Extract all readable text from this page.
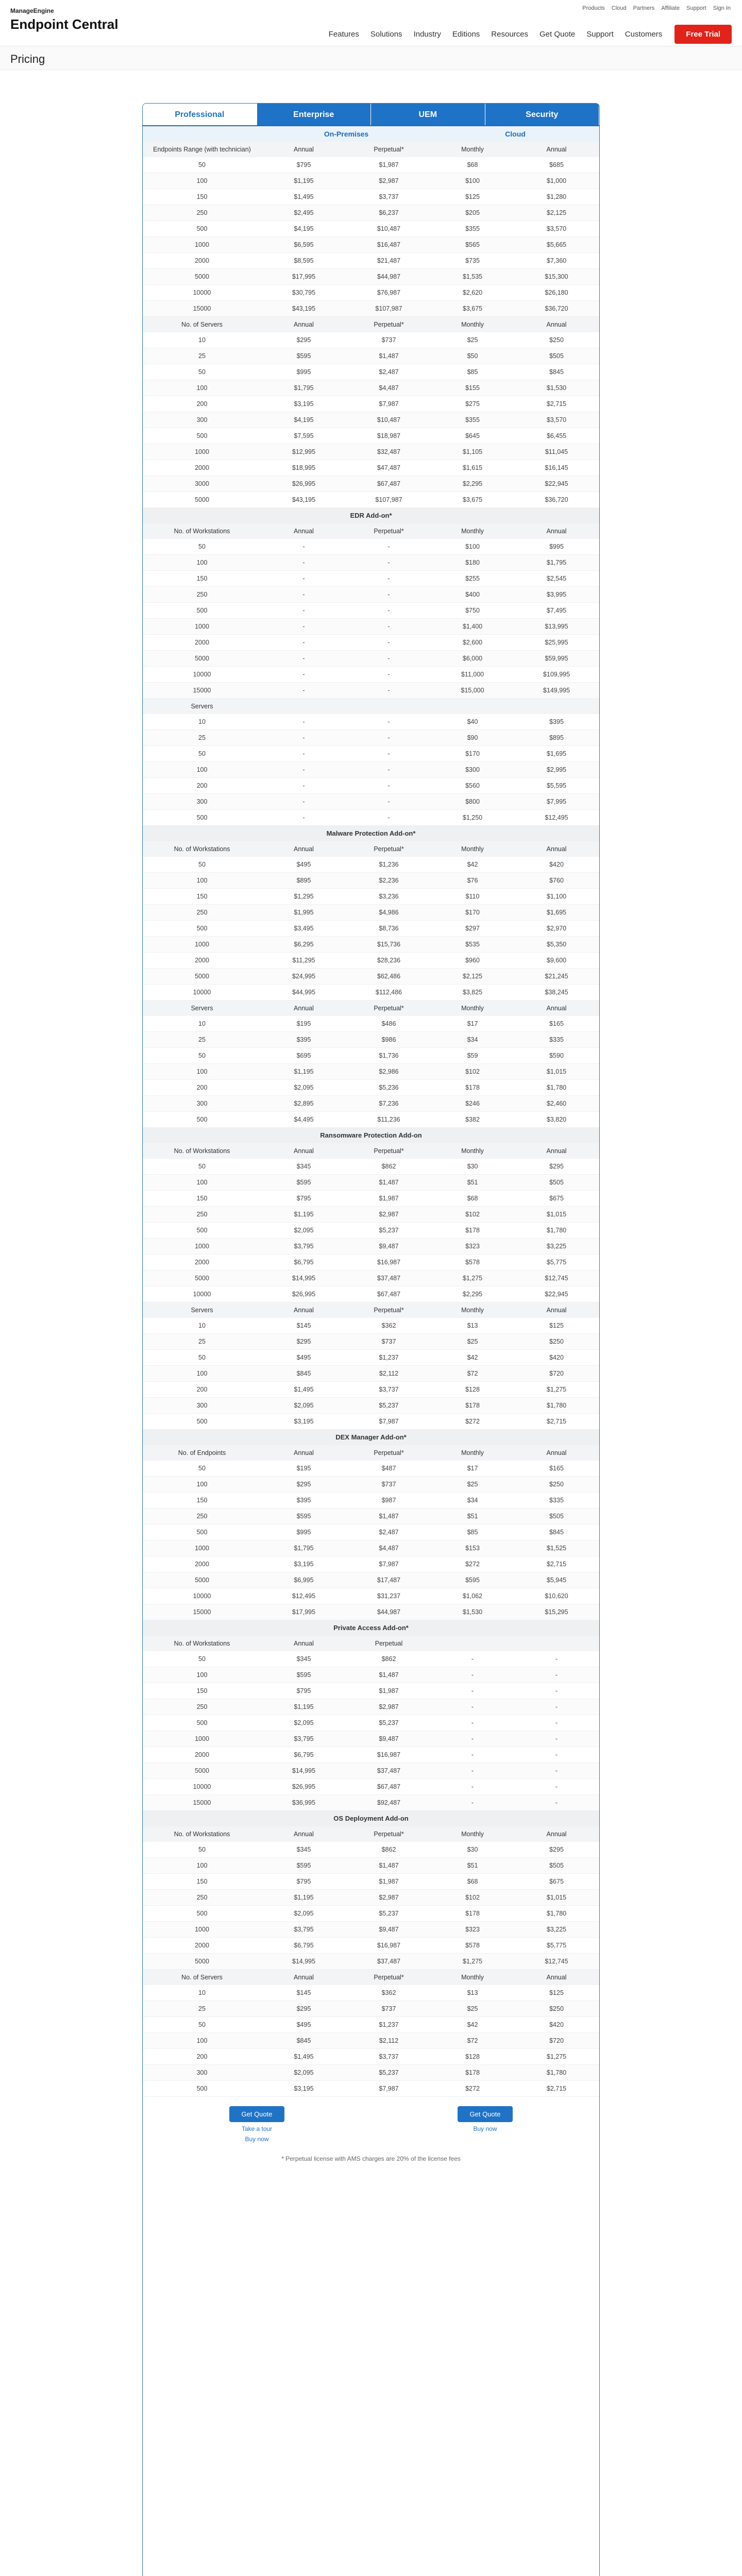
ManageEngine
Endpoint Central
Products Cloud Partners Affiliate Support Sign In
Features Solutions Industry Editions Resources Get Quote Support Customers	Free Trial
Pricing
Professional	Enterprise	UEM	Security
On-Premises	Cloud
Endpoints Range (with technician)	Annual	Perpetual*	Monthly	Annual
50	$795	$1,987	$68	$685
100	$1,195	$2,987	$100	$1,000
150	$1,495	$3,737	$125	$1,280
250	$2,495	$6,237	$205	$2,125
500	$4,195	$10,487	$355	$3,570
1000	$6,595	$16,487	$565	$5,665
2000	$8,595	$21,487	$735	$7,360
5000	$17,995	$44,987	$1,535	$15,300
10000	$30,795	$76,987	$2,620	$26,180
15000	$43,195	$107,987	$3,675	$36,720
No. of Servers	Annual	Perpetual*	Monthly	Annual
10	$295	$737	$25	$250
25	$595	$1,487	$50	$505
50	$995	$2,487	$85	$845
100	$1,795	$4,487	$155	$1,530
200	$3,195	$7,987	$275	$2,715
300	$4,195	$10,487	$355	$3,570
500	$7,595	$18,987	$645	$6,455
1000	$12,995	$32,487	$1,105	$11,045
2000	$18,995	$47,487	$1,615	$16,145
3000	$26,995	$67,487	$2,295	$22,945
5000	$43,195	$107,987	$3,675	$36,720
EDR Add-on*
No. of Workstations	Annual	Perpetual*	Monthly	Annual
50	-	-	$100	$995
100	-	-	$180	$1,795
150	-	-	$255	$2,545
250	-	-	$400	$3,995
500	-	-	$750	$7,495
1000	-	-	$1,400	$13,995
2000	-	-	$2,600	$25,995
5000	-	-	$6,000	$59,995
10000	-	-	$11,000	$109,995
15000	-	-	$15,000	$149,995
Servers
10	-	-	$40	$395
25	-	-	$90	$895
50	-	-	$170	$1,695
100	-	-	$300	$2,995
200	-	-	$560	$5,595
300	-	-	$800	$7,995
500	-	-	$1,250	$12,495
Malware Protection Add-on*
No. of Workstations	Annual	Perpetual*	Monthly	Annual
50	$495	$1,236	$42	$420
100	$895	$2,236	$76	$760
150	$1,295	$3,236	$110	$1,100
250	$1,995	$4,986	$170	$1,695
500	$3,495	$8,736	$297	$2,970
1000	$6,295	$15,736	$535	$5,350
2000	$11,295	$28,236	$960	$9,600
5000	$24,995	$62,486	$2,125	$21,245
10000	$44,995	$112,486	$3,825	$38,245
Servers	Annual	Perpetual*	Monthly	Annual
10	$195	$486	$17	$165
25	$395	$986	$34	$335
50	$695	$1,736	$59	$590
100	$1,195	$2,986	$102	$1,015
200	$2,095	$5,236	$178	$1,780
300	$2,895	$7,236	$246	$2,460
500	$4,495	$11,236	$382	$3,820
Ransomware Protection Add-on
No. of Workstations	Annual	Perpetual*	Monthly	Annual
50	$345	$862	$30	$295
100	$595	$1,487	$51	$505
150	$795	$1,987	$68	$675
250	$1,195	$2,987	$102	$1,015
500	$2,095	$5,237	$178	$1,780
1000	$3,795	$9,487	$323	$3,225
2000	$6,795	$16,987	$578	$5,775
5000	$14,995	$37,487	$1,275	$12,745
10000	$26,995	$67,487	$2,295	$22,945
Servers	Annual	Perpetual*	Monthly	Annual
10	$145	$362	$13	$125
25	$295	$737	$25	$250
50	$495	$1,237	$42	$420
100	$845	$2,112	$72	$720
200	$1,495	$3,737	$128	$1,275
300	$2,095	$5,237	$178	$1,780
500	$3,195	$7,987	$272	$2,715
DEX Manager Add-on*
No. of Endpoints	Annual	Perpetual*	Monthly	Annual
50	$195	$487	$17	$165
100	$295	$737	$25	$250
150	$395	$987	$34	$335
250	$595	$1,487	$51	$505
500	$995	$2,487	$85	$845
1000	$1,795	$4,487	$153	$1,525
2000	$3,195	$7,987	$272	$2,715
5000	$6,995	$17,487	$595	$5,945
10000	$12,495	$31,237	$1,062	$10,620
15000	$17,995	$44,987	$1,530	$15,295
Private Access Add-on*
No. of Workstations	Annual	Perpetual
50	$345	$862	-	-
100	$595	$1,487	-	-
150	$795	$1,987	-	-
250	$1,195	$2,987	-	-
500	$2,095	$5,237	-	-
1000	$3,795	$9,487	-	-
2000	$6,795	$16,987	-	-
5000	$14,995	$37,487	-	-
10000	$26,995	$67,487	-	-
15000	$36,995	$92,487	-	-
OS Deployment Add-on
No. of Workstations	Annual	Perpetual*	Monthly	Annual
50	$345	$862	$30	$295
100	$595	$1,487	$51	$505
150	$795	$1,987	$68	$675
250	$1,195	$2,987	$102	$1,015
500	$2,095	$5,237	$178	$1,780
1000	$3,795	$9,487	$323	$3,225
2000	$6,795	$16,987	$578	$5,775
5000	$14,995	$37,487	$1,275	$12,745
No. of Servers	Annual	Perpetual*	Monthly	Annual
10	$145	$362	$13	$125
25	$295	$737	$25	$250
50	$495	$1,237	$42	$420
100	$845	$2,112	$72	$720
200	$1,495	$3,737	$128	$1,275
300	$2,095	$5,237	$178	$1,780
500	$3,195	$7,987	$272	$2,715
Get Quote
Take a tour
Buy now
Get Quote
Buy now
* Perpetual license with AMS charges are 20% of the license fees
